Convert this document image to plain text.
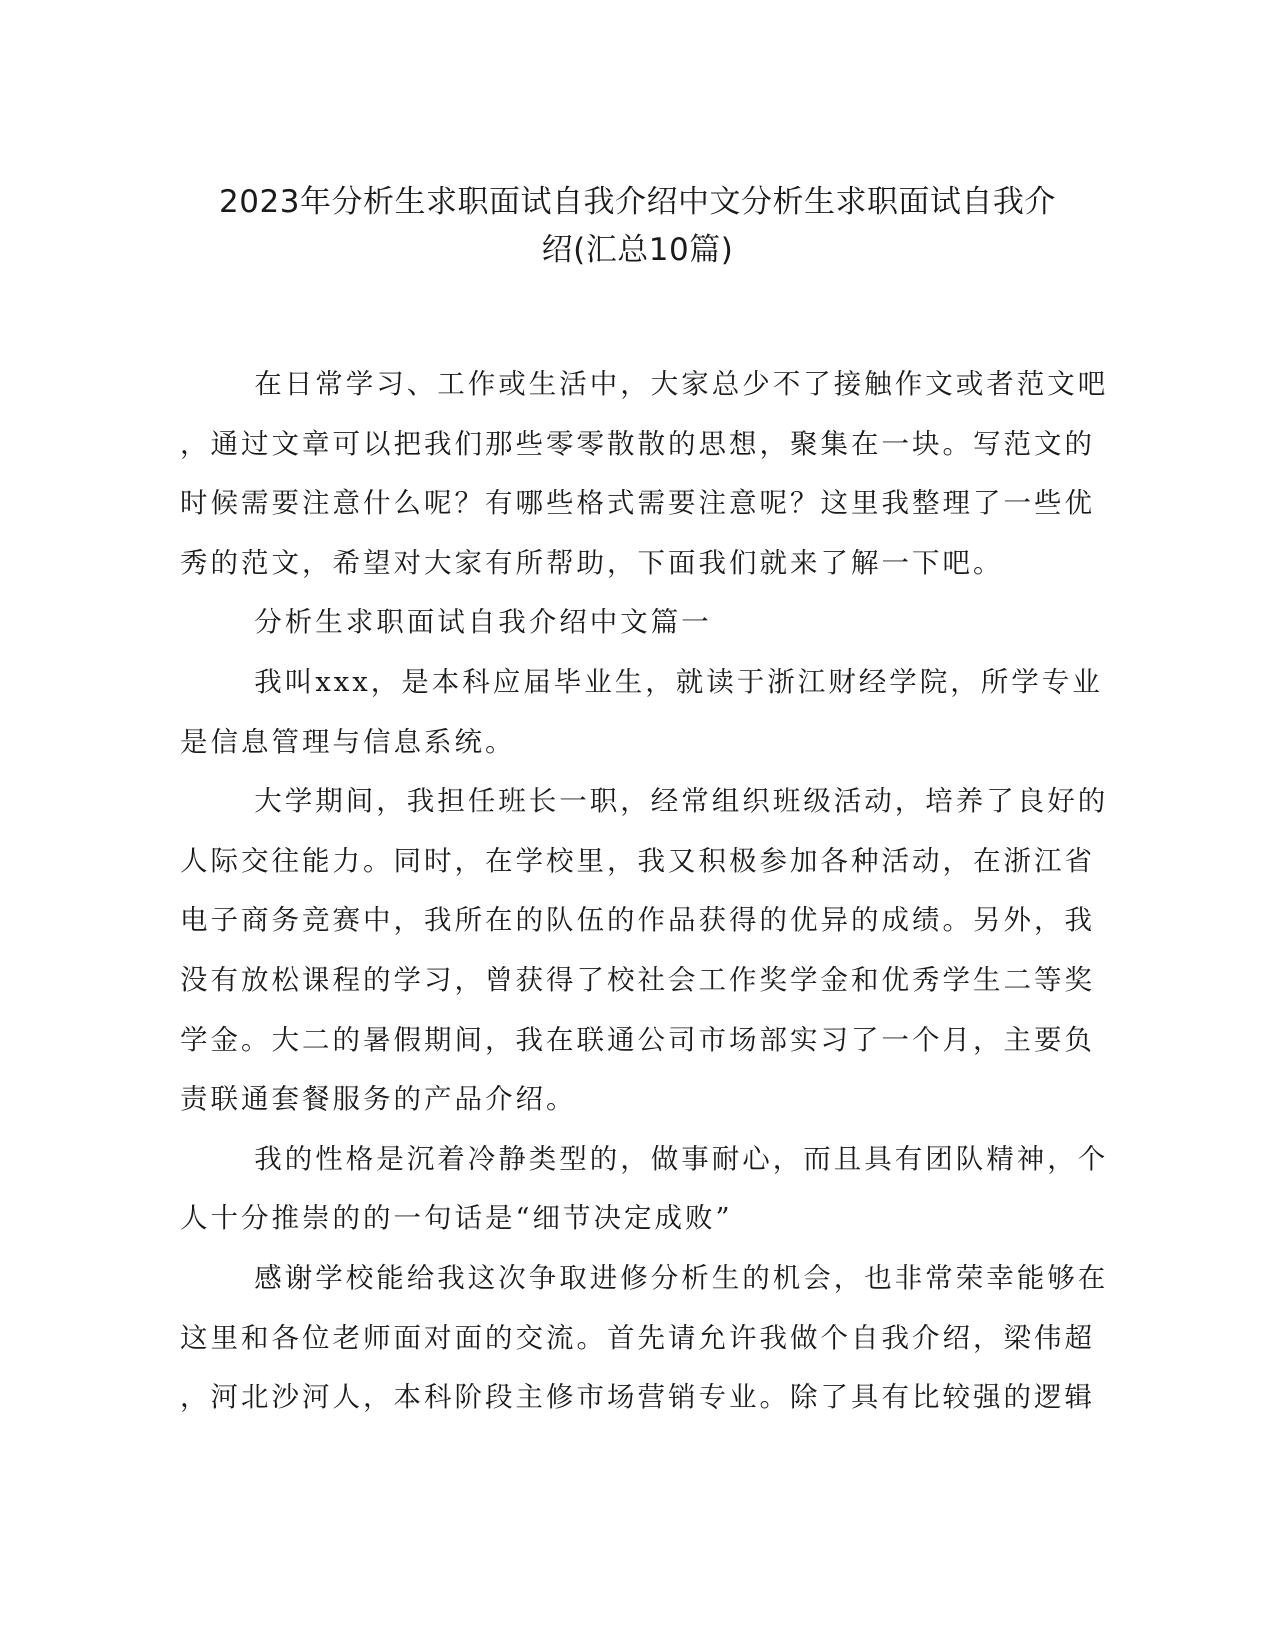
2023年分析生求职面试自我介绍中文分析生求职面试自我介
绍(汇总10篇)

在日常学习、工作或生活中，大家总少不了接触作文或者范文吧
，通过文章可以把我们那些零零散散的思想，聚集在一块。写范文的
时候需要注意什么呢？有哪些格式需要注意呢？这里我整理了一些优
秀的范文，希望对大家有所帮助，下面我们就来了解一下吧。

分析生求职面试自我介绍中文篇一

我叫xxx，是本科应届毕业生，就读于浙江财经学院，所学专业
是信息管理与信息系统。

大学期间，我担任班长一职，经常组织班级活动，培养了良好的
人际交往能力。同时，在学校里，我又积极参加各种活动，在浙江省
电子商务竞赛中，我所在的队伍的作品获得的优异的成绩。另外，我
没有放松课程的学习，曾获得了校社会工作奖学金和优秀学生二等奖
学金。大二的暑假期间，我在联通公司市场部实习了一个月，主要负
责联通套餐服务的产品介绍。

我的性格是沉着冷静类型的，做事耐心，而且具有团队精神，个
人十分推崇的的一句话是“细节决定成败”

感谢学校能给我这次争取进修分析生的机会，也非常荣幸能够在
这里和各位老师面对面的交流。首先请允许我做个自我介绍，梁伟超
，河北沙河人，本科阶段主修市场营销专业。除了具有比较强的逻辑
